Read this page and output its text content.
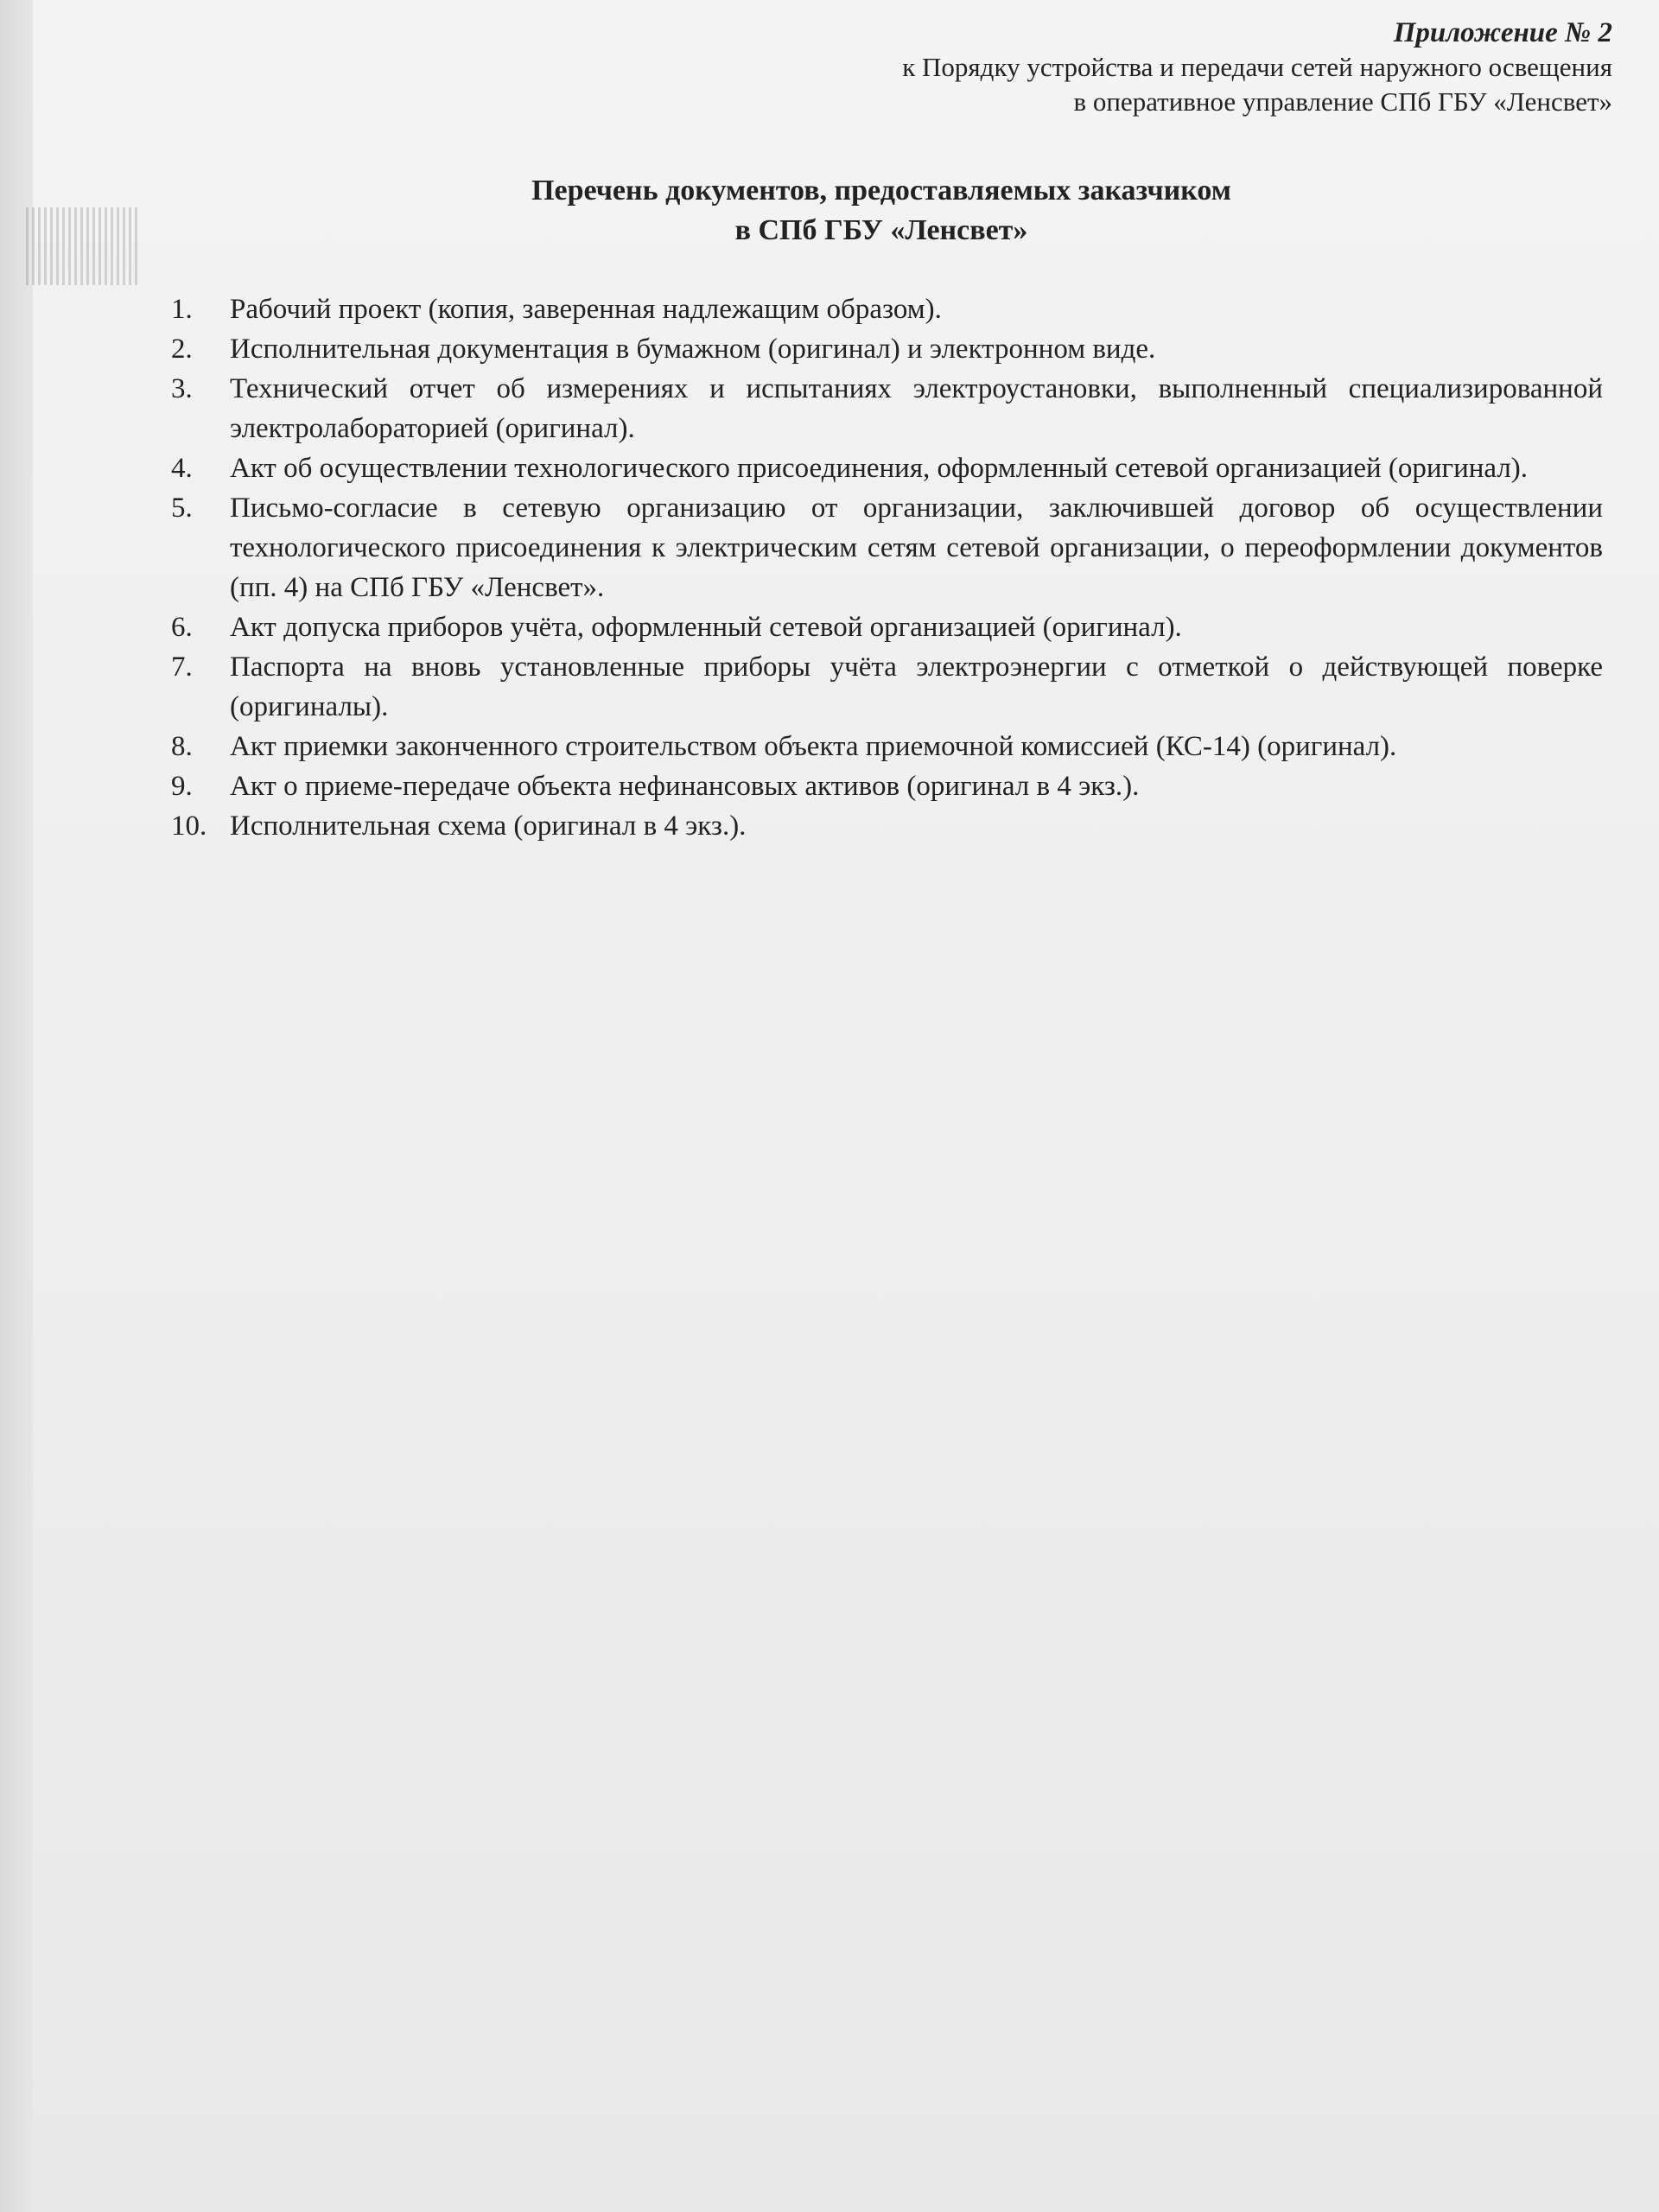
Приложение № 2
к Порядку устройства и передачи сетей наружного освещения
в оперативное управление СПб ГБУ «Ленсвет»
Перечень документов, предоставляемых заказчиком
в СПб ГБУ «Ленсвет»
1. Рабочий проект (копия, заверенная надлежащим образом).
2. Исполнительная документация в бумажном (оригинал) и электронном виде.
3. Технический отчет об измерениях и испытаниях электроустановки, выполненный специализированной электролабораторией (оригинал).
4. Акт об осуществлении технологического присоединения, оформленный сетевой организацией (оригинал).
5. Письмо-согласие в сетевую организацию от организации, заключившей договор об осуществлении технологического присоединения к электрическим сетям сетевой организации, о переоформлении документов (пп. 4) на СПб ГБУ «Ленсвет».
6. Акт допуска приборов учёта, оформленный сетевой организацией (оригинал).
7. Паспорта на вновь установленные приборы учёта электроэнергии с отметкой о действующей поверке (оригиналы).
8. Акт приемки законченного строительством объекта приемочной комиссией (КС-14) (оригинал).
9. Акт о приеме-передаче объекта нефинансовых активов (оригинал в 4 экз.).
10. Исполнительная схема (оригинал в 4 экз.).
